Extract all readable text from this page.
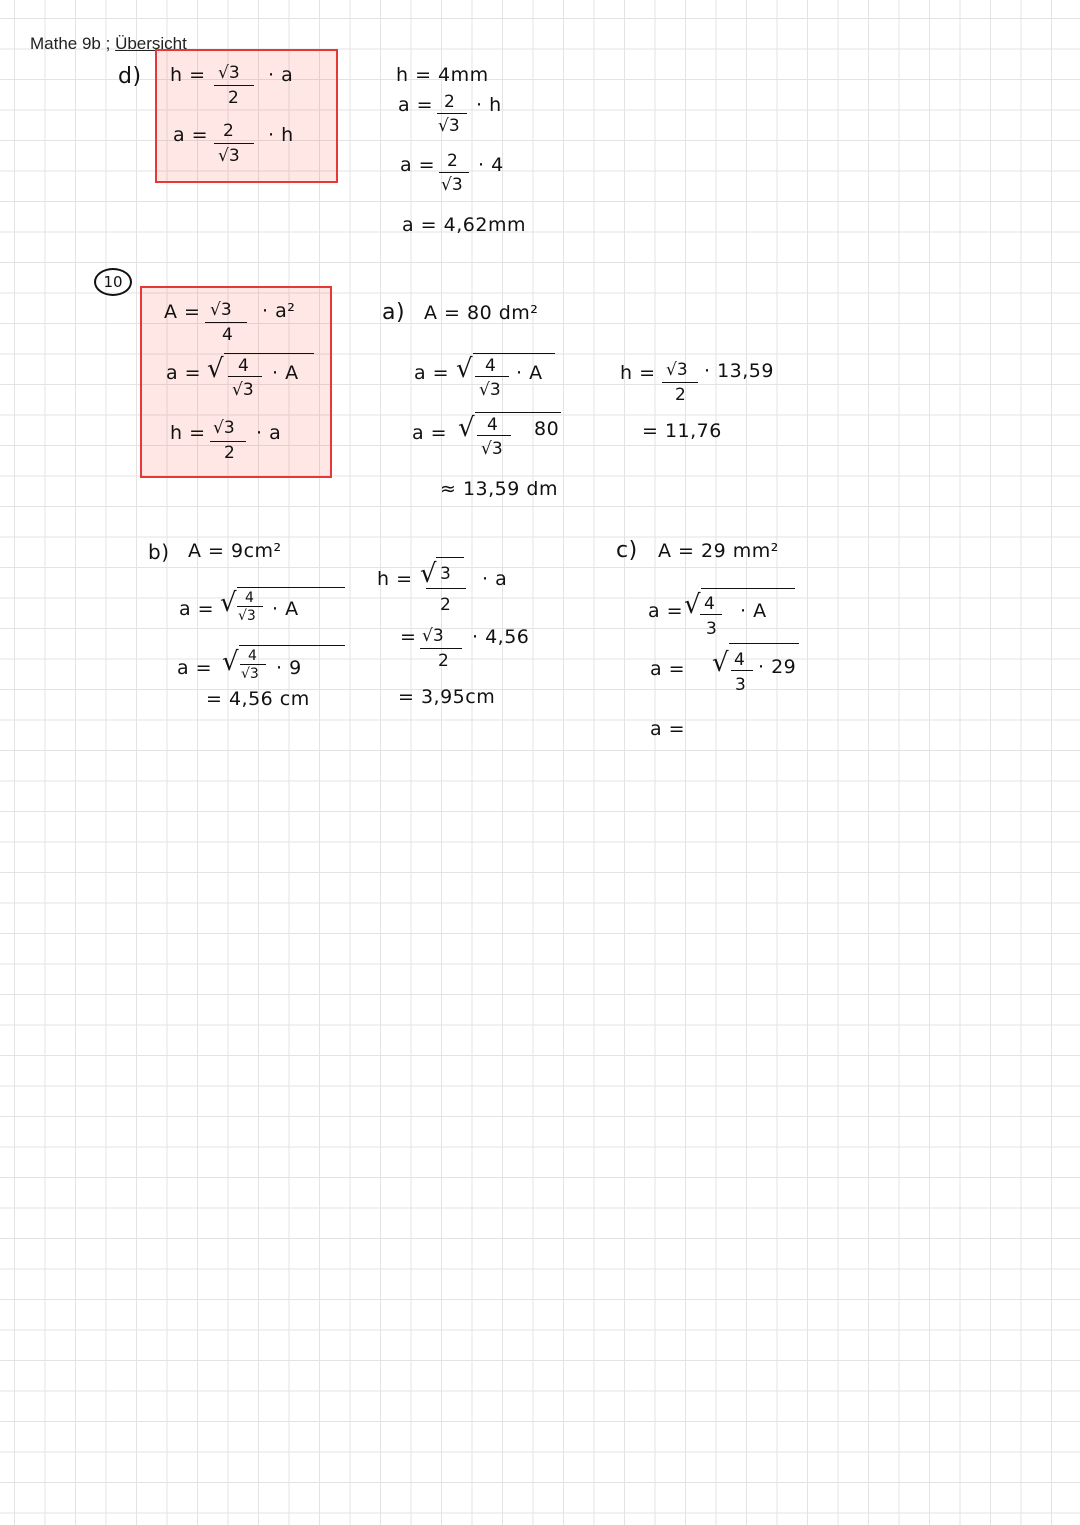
Mathe 9b ; Übersicht
d) h = √3
2
· a
a = 2
√3
· h
h = 4mm
a = 2
√3
· h
a = 2
√3
· 4
a = 4,62mm
10
A = √3
4
· a²
a = √ 4
√3
· A
h = √3
2
· a
a) A = 80 dm²
a = √ 4
√3
· A
a = √ 4
√3
80
≈ 13,59 dm
h = √3
2
· 13,59
= 11,76
b) A = 9cm²
a = √ 4
√3 · A
a = √ 4
√3 · 9
= 4,56 cm
h = √ 3
2
· a
= √3
2
· 4,56
= 3,95cm
c) A = 29 mm²
a = √ 4
3
· A
a = √ 4
3
· 29
a =
